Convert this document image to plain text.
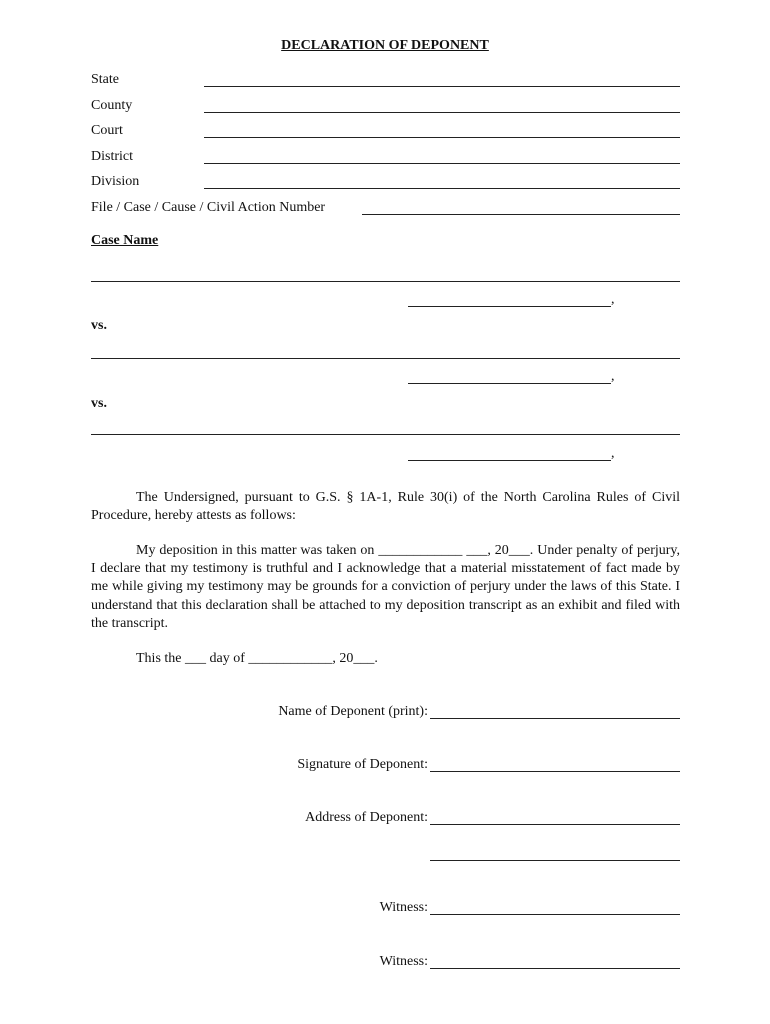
DECLARATION OF DEPONENT
State
County
Court
District
Division
File / Case / Cause / Civil Action Number
Case Name
,
vs.
,
vs.
,
The Undersigned, pursuant to G.S. § 1A-1, Rule 30(i) of the North Carolina Rules of Civil Procedure, hereby attests as follows:
My deposition in this matter was taken on ____________ ___, 20___. Under penalty of perjury, I declare that my testimony is truthful and I acknowledge that a material misstatement of fact made by me while giving my testimony may be grounds for a conviction of perjury under the laws of this State. I understand that this declaration shall be attached to my deposition transcript as an exhibit and filed with the transcript.
This the ___ day of ____________, 20___.
Name of Deponent (print):
Signature of Deponent:
Address of Deponent:
Witness:
Witness:
